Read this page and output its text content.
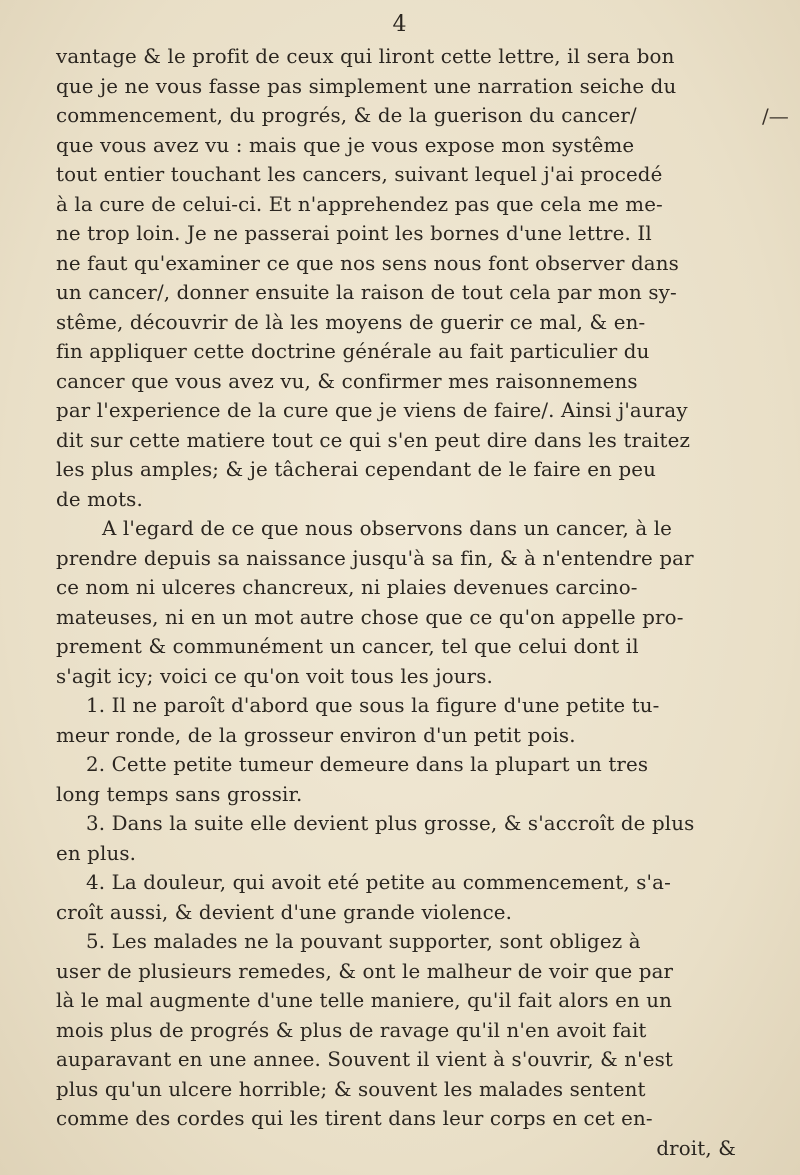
4
vantage & le profit de ceux qui liront cette lettre, il sera bon
que je ne vous fasse pas simplement une narration seiche du
commencement, du progrés, & de la guerison du cancer/
que vous avez vu : mais que je vous expose mon systême
tout entier touchant les cancers, suivant lequel j'ai procedé
à la cure de celui-ci. Et n'apprehendez pas que cela me me-
ne trop loin. Je ne passerai point les bornes d'une lettre. Il
ne faut qu'examiner ce que nos sens nous font observer dans
un cancer/, donner ensuite la raison de tout cela par mon sy-
stême, découvrir de là les moyens de guerir ce mal, & en-
fin appliquer cette doctrine générale au fait particulier du
cancer que vous avez vu, & confirmer mes raisonnemens
par l'experience de la cure que je viens de faire/. Ainsi j'auray
dit sur cette matiere tout ce qui s'en peut dire dans les traitez
les plus amples; & je tâcherai cependant de le faire en peu
de mots.
A l'egard de ce que nous observons dans un cancer, à le
prendre depuis sa naissance jusqu'à sa fin, & à n'entendre par
ce nom ni ulceres chancreux, ni plaies devenues carcino-
mateuses, ni en un mot autre chose que ce qu'on appelle pro-
prement & communément un cancer, tel que celui dont il
s'agit icy; voici ce qu'on voit tous les jours.
1. Il ne paroît d'abord que sous la figure d'une petite tu-
meur ronde, de la grosseur environ d'un petit pois.
2. Cette petite tumeur demeure dans la plupart un tres
long temps sans grossir.
3. Dans la suite elle devient plus grosse, & s'accroît de plus
en plus.
4. La douleur, qui avoit eté petite au commencement, s'a-
croît aussi, & devient d'une grande violence.
5. Les malades ne la pouvant supporter, sont obligez à
user de plusieurs remedes, & ont le malheur de voir que par
là le mal augmente d'une telle maniere, qu'il fait alors en un
mois plus de progrés & plus de ravage qu'il n'en avoit fait
auparavant en une annee. Souvent il vient à s'ouvrir, & n'est
plus qu'un ulcere horrible; & souvent les malades sentent
comme des cordes qui les tirent dans leur corps en cet en-
droit, &
/—
